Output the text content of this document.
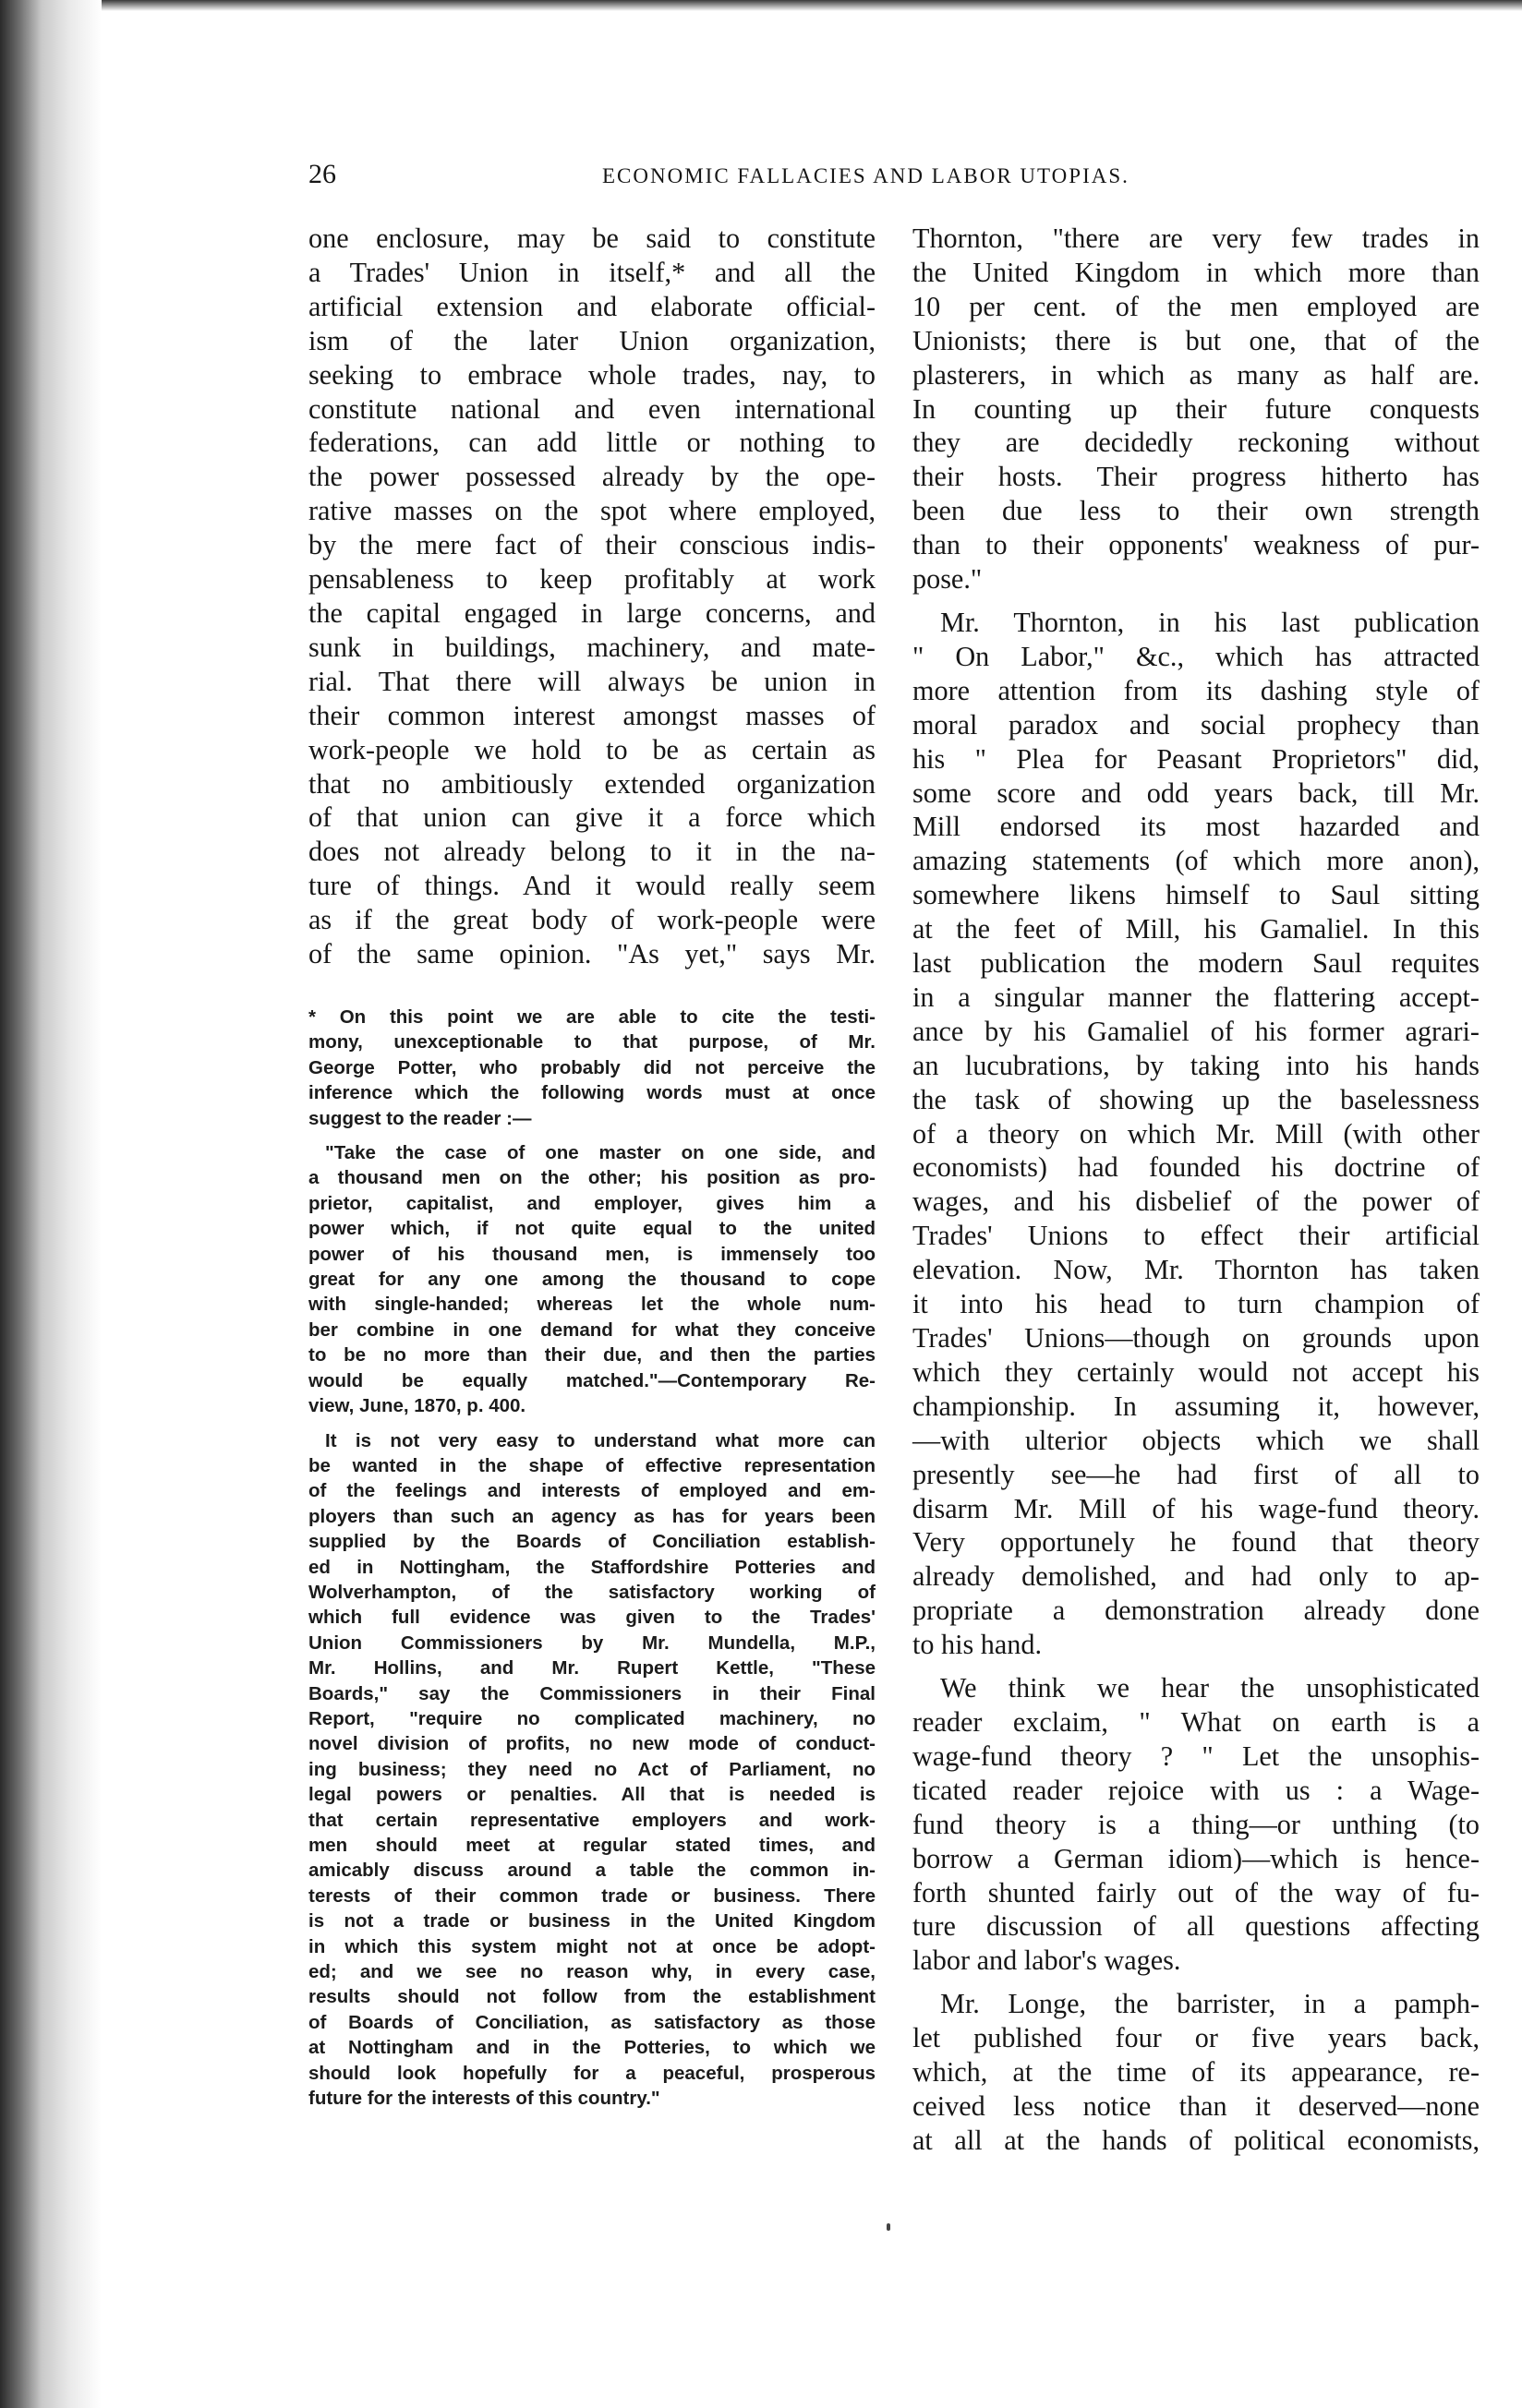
26	ECONOMIC FALLACIES AND LABOR UTOPIAS.

one enclosure, may be said to constitute
a Trades' Union in itself,* and all the
artificial extension and elaborate official-
ism of the later Union organization,
seeking to embrace whole trades, nay, to
constitute national and even international
federations, can add little or nothing to
the power possessed already by the ope-
rative masses on the spot where employed,
by the mere fact of their conscious indis-
pensableness to keep profitably at work
the capital engaged in large concerns, and
sunk in buildings, machinery, and mate-
rial. That there will always be union in
their common interest amongst masses of
work-people we hold to be as certain as
that no ambitiously extended organization
of that union can give it a force which
does not already belong to it in the na-
ture of things. And it would really seem
as if the great body of work-people were
of the same opinion. "As yet," says Mr.

* On this point we are able to cite the testi-
mony, unexceptionable to that purpose, of Mr.
George Potter, who probably did not perceive the
inference which the following words must at once
suggest to the reader :—

"Take the case of one master on one side, and
a thousand men on the other; his position as pro-
prietor, capitalist, and employer, gives him a
power which, if not quite equal to the united
power of his thousand men, is immensely too
great for any one among the thousand to cope
with single-handed; whereas let the whole num-
ber combine in one demand for what they conceive
to be no more than their due, and then the parties
would be equally matched."—Contemporary Re-
view, June, 1870, p. 400.

It is not very easy to understand what more can
be wanted in the shape of effective representation
of the feelings and interests of employed and em-
ployers than such an agency as has for years been
supplied by the Boards of Conciliation establish-
ed in Nottingham, the Staffordshire Potteries and
Wolverhampton, of the satisfactory working of
which full evidence was given to the Trades'
Union Commissioners by Mr. Mundella, M.P.,
Mr. Hollins, and Mr. Rupert Kettle, "These
Boards," say the Commissioners in their Final
Report, "require no complicated machinery, no
novel division of profits, no new mode of conduct-
ing business; they need no Act of Parliament, no
legal powers or penalties. All that is needed is
that certain representative employers and work-
men should meet at regular stated times, and
amicably discuss around a table the common in-
terests of their common trade or business. There
is not a trade or business in the United Kingdom
in which this system might not at once be adopt-
ed; and we see no reason why, in every case,
results should not follow from the establishment
of Boards of Conciliation, as satisfactory as those
at Nottingham and in the Potteries, to which we
should look hopefully for a peaceful, prosperous
future for the interests of this country."

Thornton, "there are very few trades in
the United Kingdom in which more than
10 per cent. of the men employed are
Unionists; there is but one, that of the
plasterers, in which as many as half are.
In counting up their future conquests
they are decidedly reckoning without
their hosts. Their progress hitherto has
been due less to their own strength
than to their opponents' weakness of pur-
pose."

Mr. Thornton, in his last publication
" On Labor," &c., which has attracted
more attention from its dashing style of
moral paradox and social prophecy than
his " Plea for Peasant Proprietors" did,
some score and odd years back, till Mr.
Mill endorsed its most hazarded and
amazing statements (of which more anon),
somewhere likens himself to Saul sitting
at the feet of Mill, his Gamaliel. In this
last publication the modern Saul requites
in a singular manner the flattering accept-
ance by his Gamaliel of his former agrari-
an lucubrations, by taking into his hands
the task of showing up the baselessness
of a theory on which Mr. Mill (with other
economists) had founded his doctrine of
wages, and his disbelief of the power of
Trades' Unions to effect their artificial
elevation. Now, Mr. Thornton has taken
it into his head to turn champion of
Trades' Unions—though on grounds upon
which they certainly would not accept his
championship. In assuming it, however,
—with ulterior objects which we shall
presently see—he had first of all to
disarm Mr. Mill of his wage-fund theory.
Very opportunely he found that theory
already demolished, and had only to ap-
propriate a demonstration already done
to his hand.

We think we hear the unsophisticated
reader exclaim, " What on earth is a
wage-fund theory ? " Let the unsophis-
ticated reader rejoice with us : a Wage-
fund theory is a thing—or unthing (to
borrow a German idiom)—which is hence-
forth shunted fairly out of the way of fu-
ture discussion of all questions affecting
labor and labor's wages.

Mr. Longe, the barrister, in a pamph-
let published four or five years back,
which, at the time of its appearance, re-
ceived less notice than it deserved—none
at all at the hands of political economists,
